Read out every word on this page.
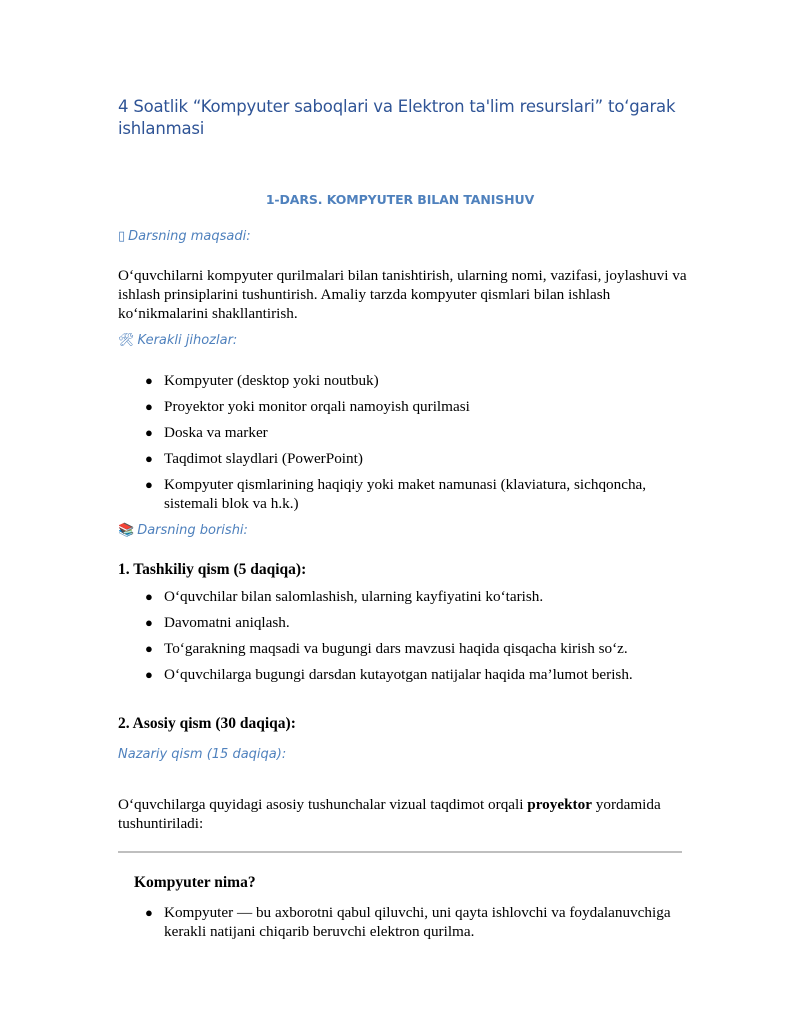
4 Soatlik “Kompyuter saboqlari va Elektron ta'lim resurslari” to‘garak ishlanmasi
1-DARS. KOMPYUTER BILAN TANISHUV
▯ Darsning maqsadi:
O‘quvchilarni kompyuter qurilmalari bilan tanishtirish, ularning nomi, vazifasi, joylashuvi va ishlash prinsiplarini tushuntirish. Amaliy tarzda kompyuter qismlari bilan ishlash ko‘nikmalarini shakllantirish.
🛠 Kerakli jihozlar:
● Kompyuter (desktop yoki noutbuk)
● Proyektor yoki monitor orqali namoyish qurilmasi
● Doska va marker
● Taqdimot slaydlari (PowerPoint)
● Kompyuter qismlarining haqiqiy yoki maket namunasi (klaviatura, sichqoncha, sistemali blok va h.k.)
📚 Darsning borishi:
1. Tashkiliy qism (5 daqiqa):
● O‘quvchilar bilan salomlashish, ularning kayfiyatini ko‘tarish.
● Davomatni aniqlash.
● To‘garakning maqsadi va bugungi dars mavzusi haqida qisqacha kirish so‘z.
● O‘quvchilarga bugungi darsdan kutayotgan natijalar haqida ma’lumot berish.
2. Asosiy qism (30 daqiqa):
Nazariy qism (15 daqiqa):
O‘quvchilarga quyidagi asosiy tushunchalar vizual taqdimot orqali proyektor yordamida tushuntiriladi:
Kompyuter nima?
● Kompyuter — bu axborotni qabul qiluvchi, uni qayta ishlovchi va foydalanuvchiga kerakli natijani chiqarib beruvchi elektron qurilma.
